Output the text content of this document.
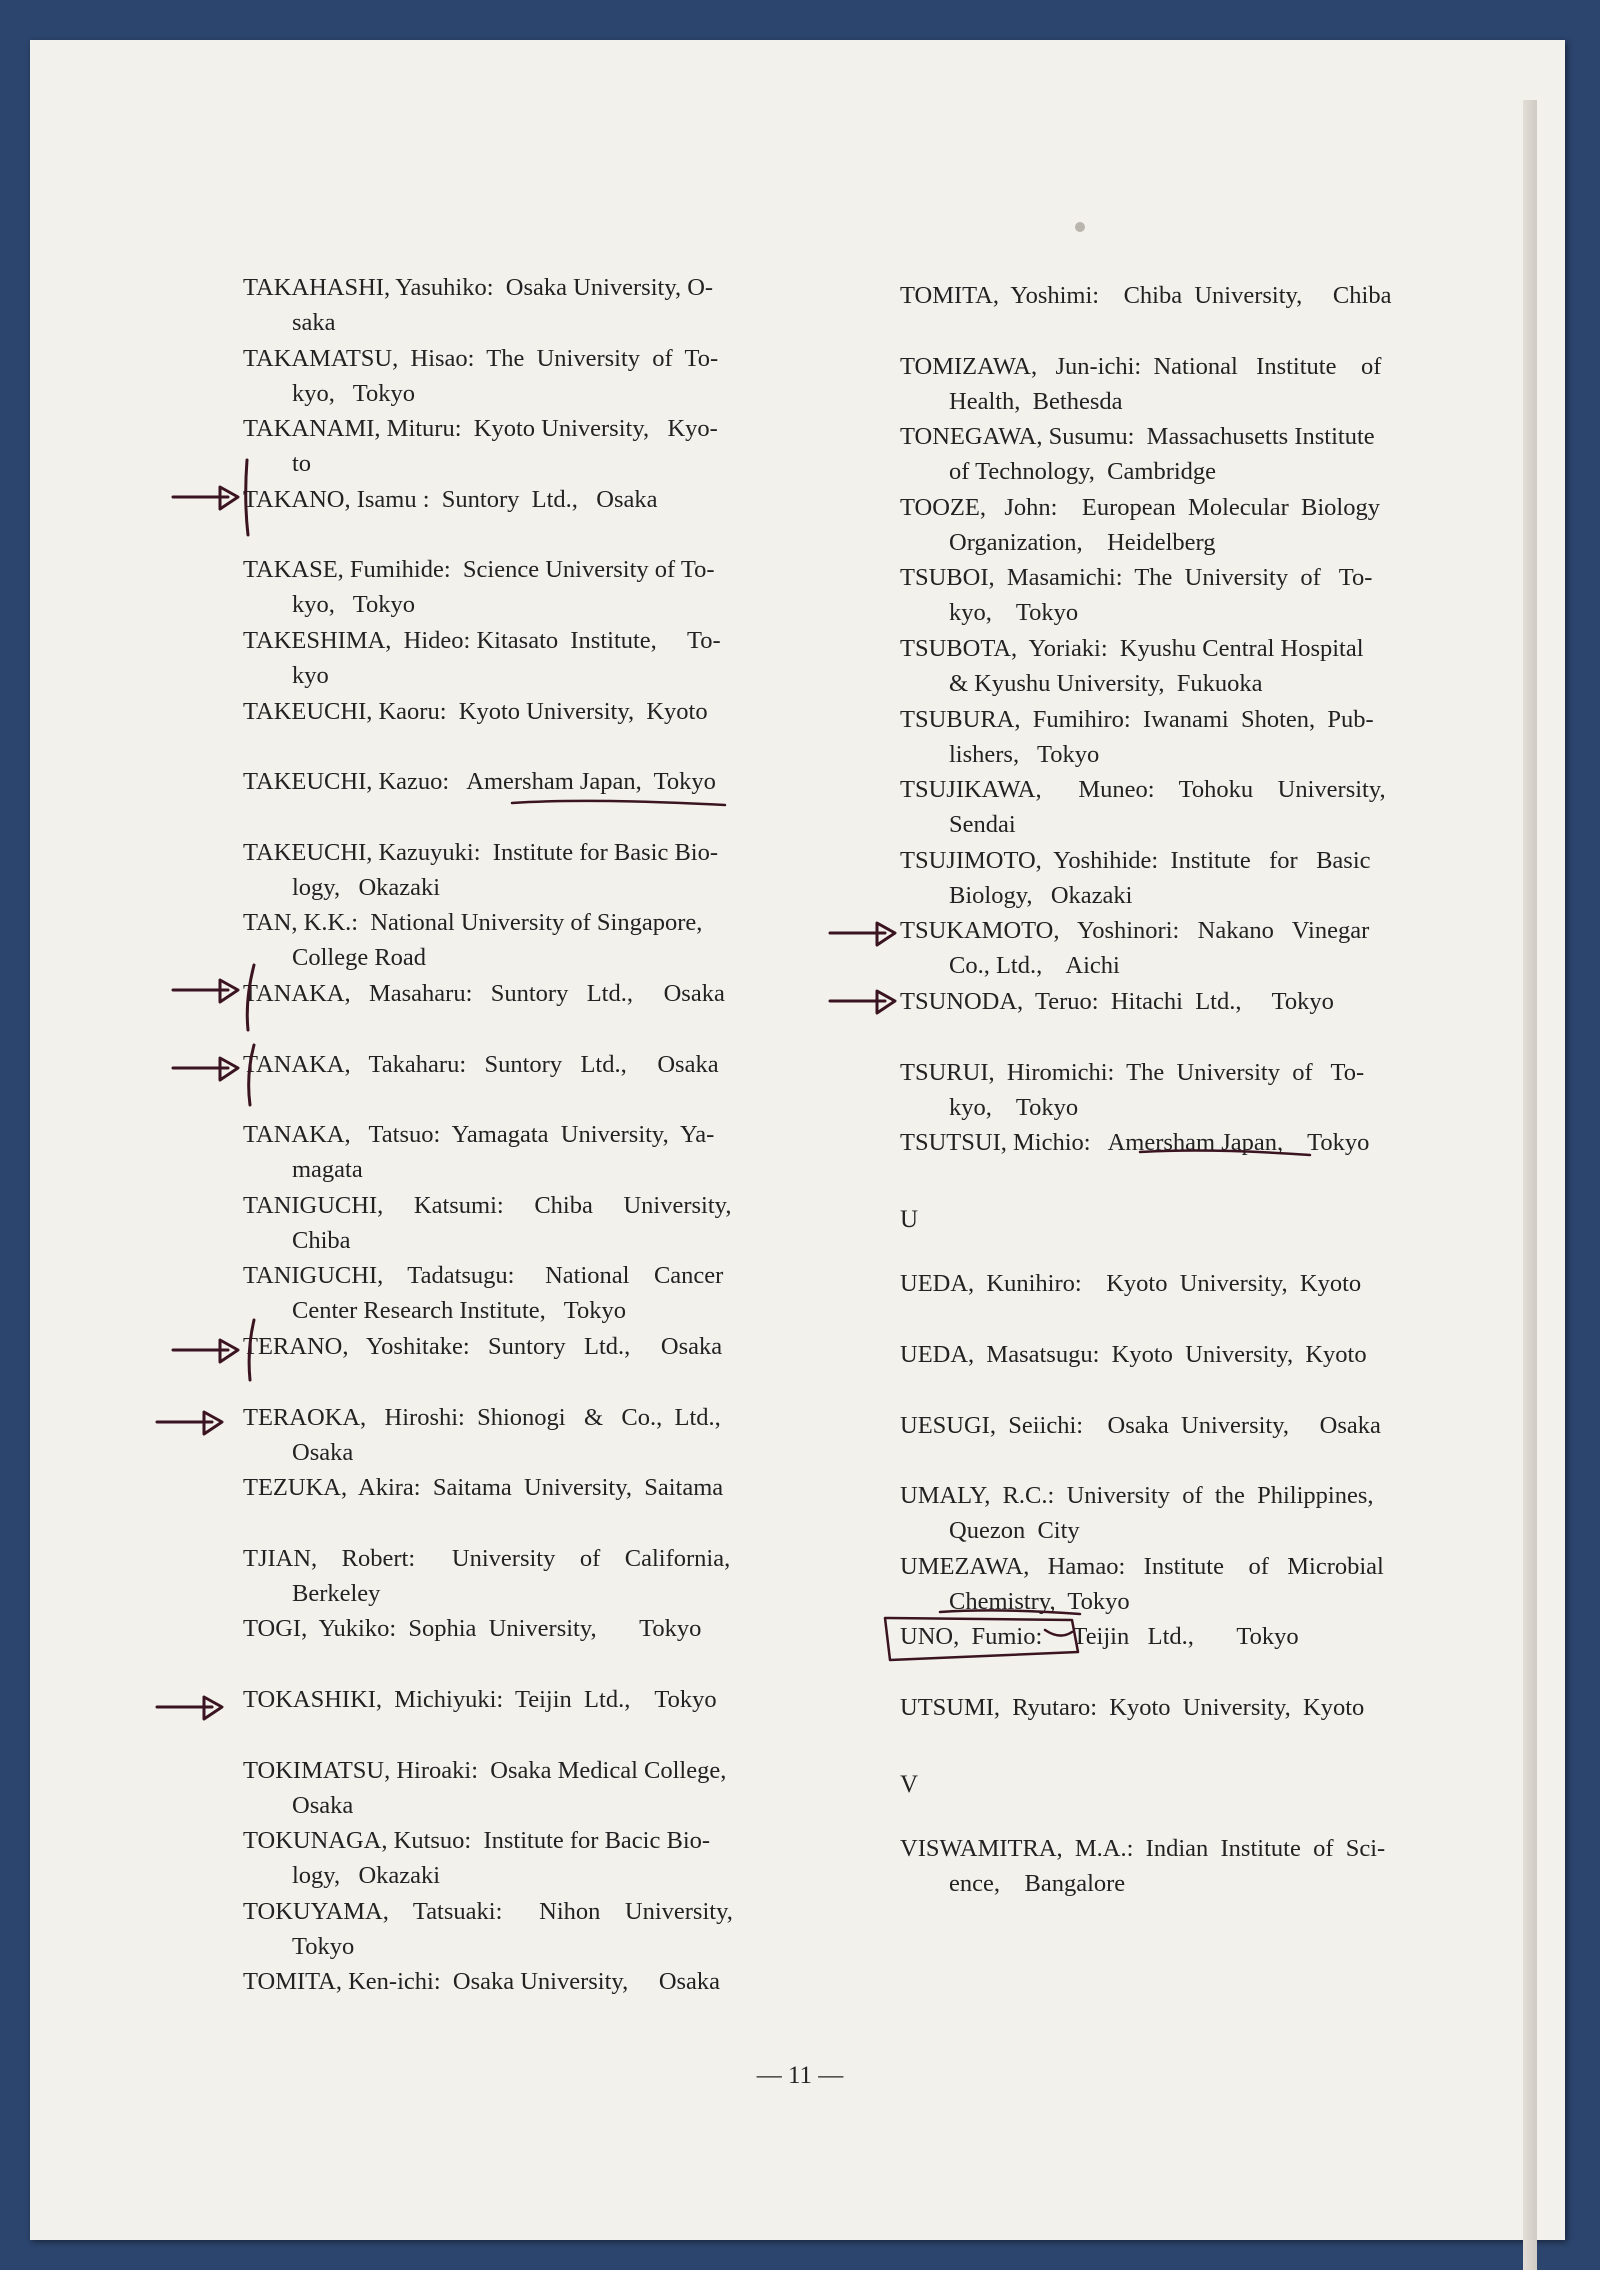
TAKAHASHI, Yasuhiko:  Osaka University, O-
saka
TAKAMATSU,  Hisao:  The  University  of  To-
kyo,   Tokyo
TAKANAMI, Mituru:  Kyoto University,   Kyo-
to
TAKANO, Isamu :  Suntory  Ltd.,   Osaka
TAKASE, Fumihide:  Science University of To-
kyo,   Tokyo
TAKESHIMA,  Hideo: Kitasato  Institute,     To-
kyo
TAKEUCHI, Kaoru:  Kyoto University,  Kyoto
TAKEUCHI, Kazuo:   Amersham Japan,  Tokyo
TAKEUCHI, Kazuyuki:  Institute for Basic Bio-
logy,   Okazaki
TAN, K.K.:  National University of Singapore,
College Road
TANAKA,   Masaharu:   Suntory   Ltd.,     Osaka
TANAKA,   Takaharu:   Suntory   Ltd.,     Osaka
TANAKA,   Tatsuo:  Yamagata  University,  Ya-
magata
TANIGUCHI,     Katsumi:     Chiba     University,
Chiba
TANIGUCHI,    Tadatsugu:     National    Cancer
Center Research Institute,   Tokyo
TERANO,   Yoshitake:   Suntory   Ltd.,     Osaka
TERAOKA,   Hiroshi:  Shionogi   &   Co.,  Ltd.,
Osaka
TEZUKA,  Akira:  Saitama  University,  Saitama
TJIAN,    Robert:      University    of    California,
Berkeley
TOGI,  Yukiko:  Sophia  University,       Tokyo
TOKASHIKI,  Michiyuki:  Teijin  Ltd.,    Tokyo
TOKIMATSU, Hiroaki:  Osaka Medical College,
Osaka
TOKUNAGA, Kutsuo:  Institute for Bacic Bio-
logy,   Okazaki
TOKUYAMA,    Tatsuaki:      Nihon    University,
Tokyo
TOMITA, Ken-ichi:  Osaka University,     Osaka
TOMITA,  Yoshimi:    Chiba  University,     Chiba
TOMIZAWA,   Jun-ichi:  National   Institute    of
Health,  Bethesda
TONEGAWA, Susumu:  Massachusetts Institute
of Technology,  Cambridge
TOOZE,   John:    European  Molecular  Biology
Organization,    Heidelberg
TSUBOI,  Masamichi:  The  University  of   To-
kyo,    Tokyo
TSUBOTA,  Yoriaki:  Kyushu Central Hospital
& Kyushu University,  Fukuoka
TSUBURA,  Fumihiro:  Iwanami  Shoten,  Pub-
lishers,   Tokyo
TSUJIKAWA,      Muneo:    Tohoku    University,
Sendai
TSUJIMOTO,  Yoshihide:  Institute   for   Basic
Biology,   Okazaki
TSUKAMOTO,   Yoshinori:   Nakano   Vinegar
Co., Ltd.,    Aichi
TSUNODA,  Teruo:  Hitachi  Ltd.,     Tokyo
TSURUI,  Hiromichi:  The  University  of   To-
kyo,    Tokyo
TSUTSUI, Michio:   Amersham Japan,    Tokyo
U
UEDA,  Kunihiro:    Kyoto  University,  Kyoto
UEDA,  Masatsugu:  Kyoto  University,  Kyoto
UESUGI,  Seiichi:    Osaka  University,     Osaka
UMALY,  R.C.:  University  of  the  Philippines,
Quezon  City
UMEZAWA,   Hamao:   Institute    of   Microbial
Chemistry,  Tokyo
UNO,  Fumio:     Teijin   Ltd.,       Tokyo
UTSUMI,  Ryutaro:  Kyoto  University,  Kyoto
V
VISWAMITRA,  M.A.:  Indian  Institute  of  Sci-
ence,    Bangalore
— 11 —
